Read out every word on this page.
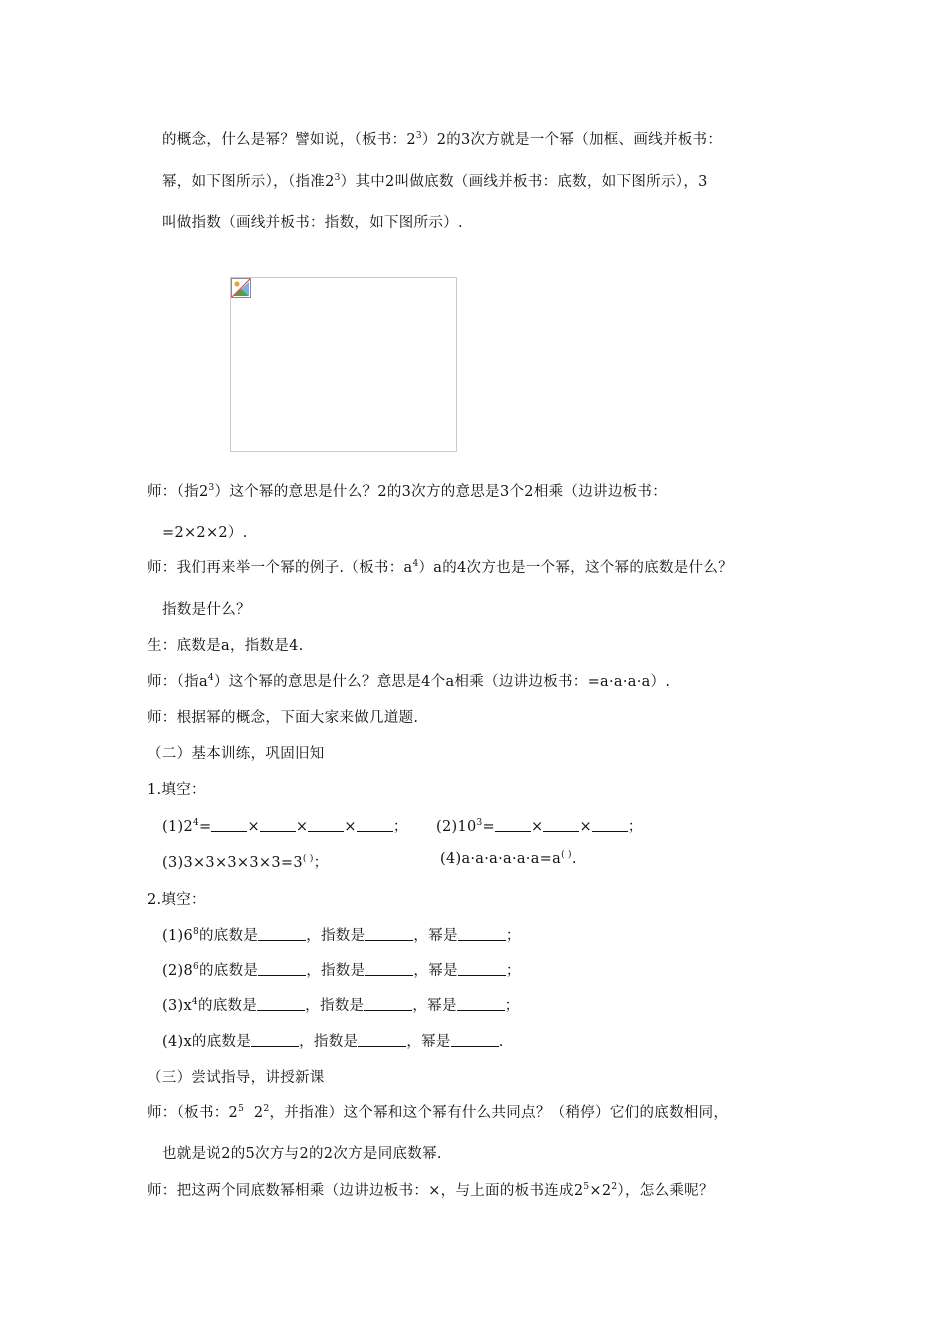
的概念，什么是幂？譬如说，（板书：$2^3)2$的3次方就是一个幂（加框、画线并板书：
幂，如下图所示），（指准$2^3$）其中2叫做底数（画线并板书：底数，如下图所示），3
叫做指数（画线并板书：指数，如下图所示）.
师：（指$2^3$）这个幂的意思是什么？2的3次方的意思是3个2相乘（边讲边板书：
=2×2×2）.
师：我们再来举一个幂的例子.（板书：$a^4)a$的4次方也是一个幂，这个幂的底数是什么？
指数是什么？
生：底数是a，指数是4.
师：（指$a^4$）这个幂的意思是什么？意思是4个a相乘（边讲边板书：=a·a·a·a）.
师：根据幂的概念，下面大家来做几道题.
（二）基本训练，巩固旧知
1.填空：
$(1)2^4=$ × × × ； $(2)10^3=$ × × ；
(3)3×3×3×3×3=3( )；	(4)a·a·a·a·a·a=a( ).
2.填空：
$(1)6^8$的底数是	，指数是	，幂是	；
$(2)8^6$的底数是	，指数是	，幂是	；
$(3)x^4$的底数是	，指数是	，幂是	；
(4)x的底数是	，指数是	，幂是	.
（三）尝试指导，讲授新课
师：（板书：$2^5$  $2^2$，并指准）这个幂和这个幂有什么共同点？（稍停）它们的底数相同，
也就是说2的5次方与2的2次方是同底数幂.
师：把这两个同底数幂相乘（边讲边板书：×，与上面的板书连成$2^5\times 2^2$），怎么乘呢？
